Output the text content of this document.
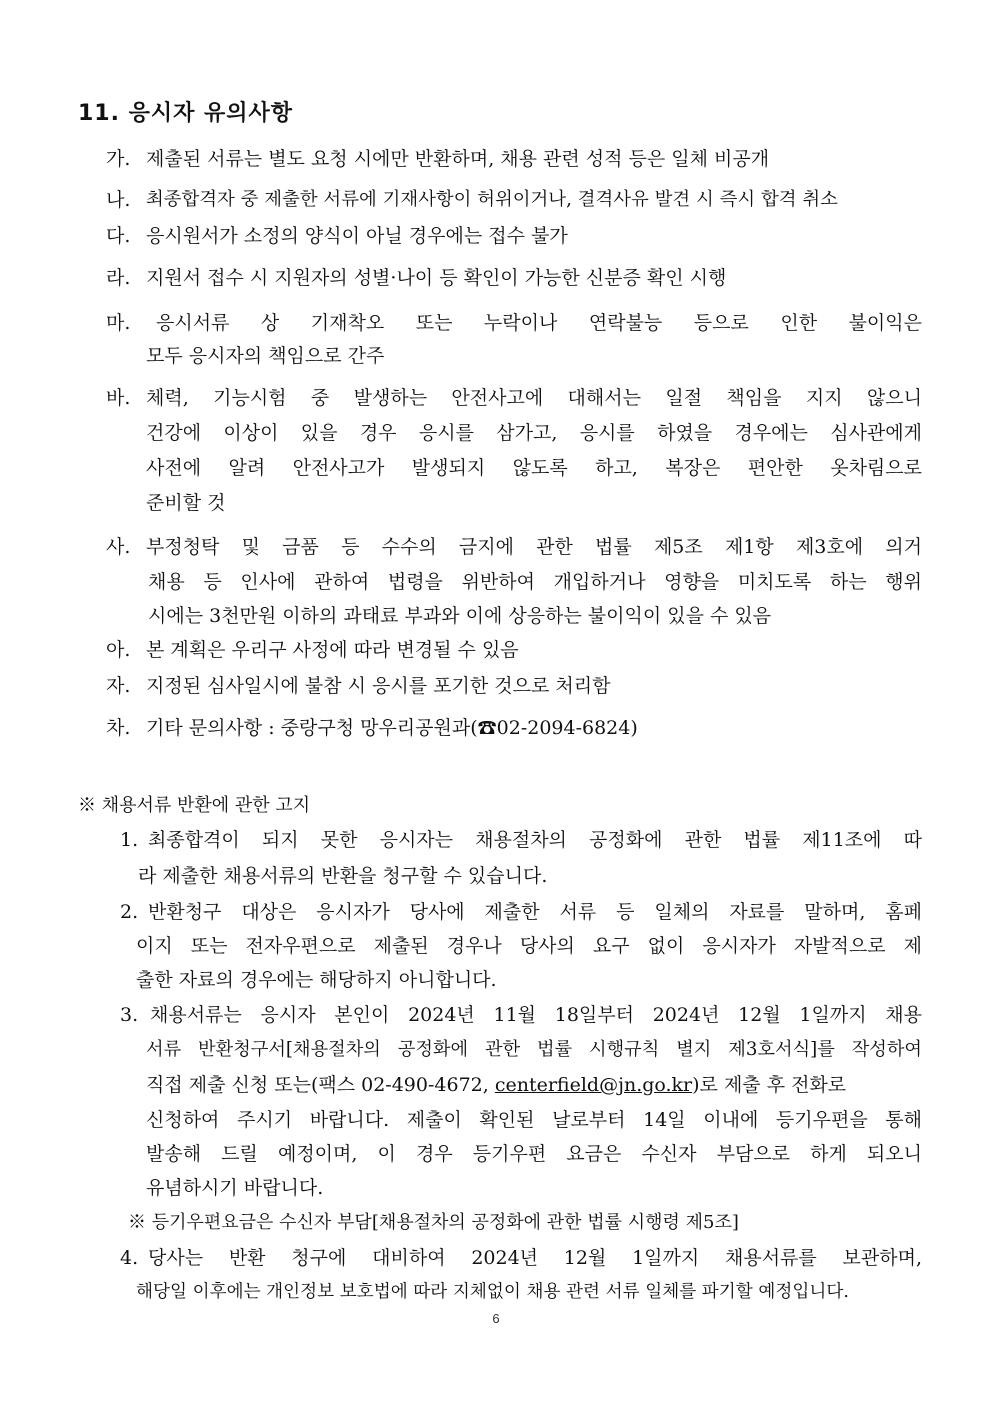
11. 응시자 유의사항
가. 제출된 서류는 별도 요청 시에만 반환하며, 채용 관련 성적 등은 일체 비공개
나. 최종합격자 중 제출한 서류에 기재사항이 허위이거나, 결격사유 발견 시 즉시 합격 취소
다. 응시원서가 소정의 양식이 아닐 경우에는 접수 불가
라. 지원서 접수 시 지원자의 성별·나이 등 확인이 가능한 신분증 확인 시행
마. 응시서류 상 기재착오 또는 누락이나 연락불능 등으로 인한 불이익은
모두 응시자의 책임으로 간주
바. 체력, 기능시험 중 발생하는 안전사고에 대해서는 일절 책임을 지지 않으니
건강에 이상이 있을 경우 응시를 삼가고, 응시를 하였을 경우에는 심사관에게
사전에 알려 안전사고가 발생되지 않도록 하고, 복장은 편안한 옷차림으로
준비할 것
사. 부정청탁 및 금품 등 수수의 금지에 관한 법률 제5조 제1항 제3호에 의거
채용 등 인사에 관하여 법령을 위반하여 개입하거나 영향을 미치도록 하는 행위
시에는 3천만원 이하의 과태료 부과와 이에 상응하는 불이익이 있을 수 있음
아. 본 계획은 우리구 사정에 따라 변경될 수 있음
자. 지정된 심사일시에 불참 시 응시를 포기한 것으로 처리함
차. 기타 문의사항 : 중랑구청 망우리공원과(☎02-2094-6824)
※ 채용서류 반환에 관한 고지
1. 최종합격이 되지 못한 응시자는 채용절차의 공정화에 관한 법률 제11조에 따
라 제출한 채용서류의 반환을 청구할 수 있습니다.
2. 반환청구 대상은 응시자가 당사에 제출한 서류 등 일체의 자료를 말하며, 홈페
이지 또는 전자우편으로 제출된 경우나 당사의 요구 없이 응시자가 자발적으로 제
출한 자료의 경우에는 해당하지 아니합니다.
3. 채용서류는 응시자 본인이 2024년 11월 18일부터 2024년 12월 1일까지 채용
서류 반환청구서[채용절차의 공정화에 관한 법률 시행규칙 별지 제3호서식]를 작성하여
직접 제출 신청 또는(팩스 02-490-4672, centerfield@jn.go.kr )로 제출 후 전화로
신청하여 주시기 바랍니다. 제출이 확인된 날로부터 14일 이내에 등기우편을 통해
발송해 드릴 예정이며, 이 경우 등기우편 요금은 수신자 부담으로 하게 되오니
유념하시기 바랍니다.
※ 등기우편요금은 수신자 부담[채용절차의 공정화에 관한 법률 시행령 제5조]
4. 당사는 반환 청구에 대비하여 2024년 12월 1일까지 채용서류를 보관하며,
해당일 이후에는 개인정보 보호법에 따라 지체없이 채용 관련 서류 일체를 파기할 예정입니다.
6
